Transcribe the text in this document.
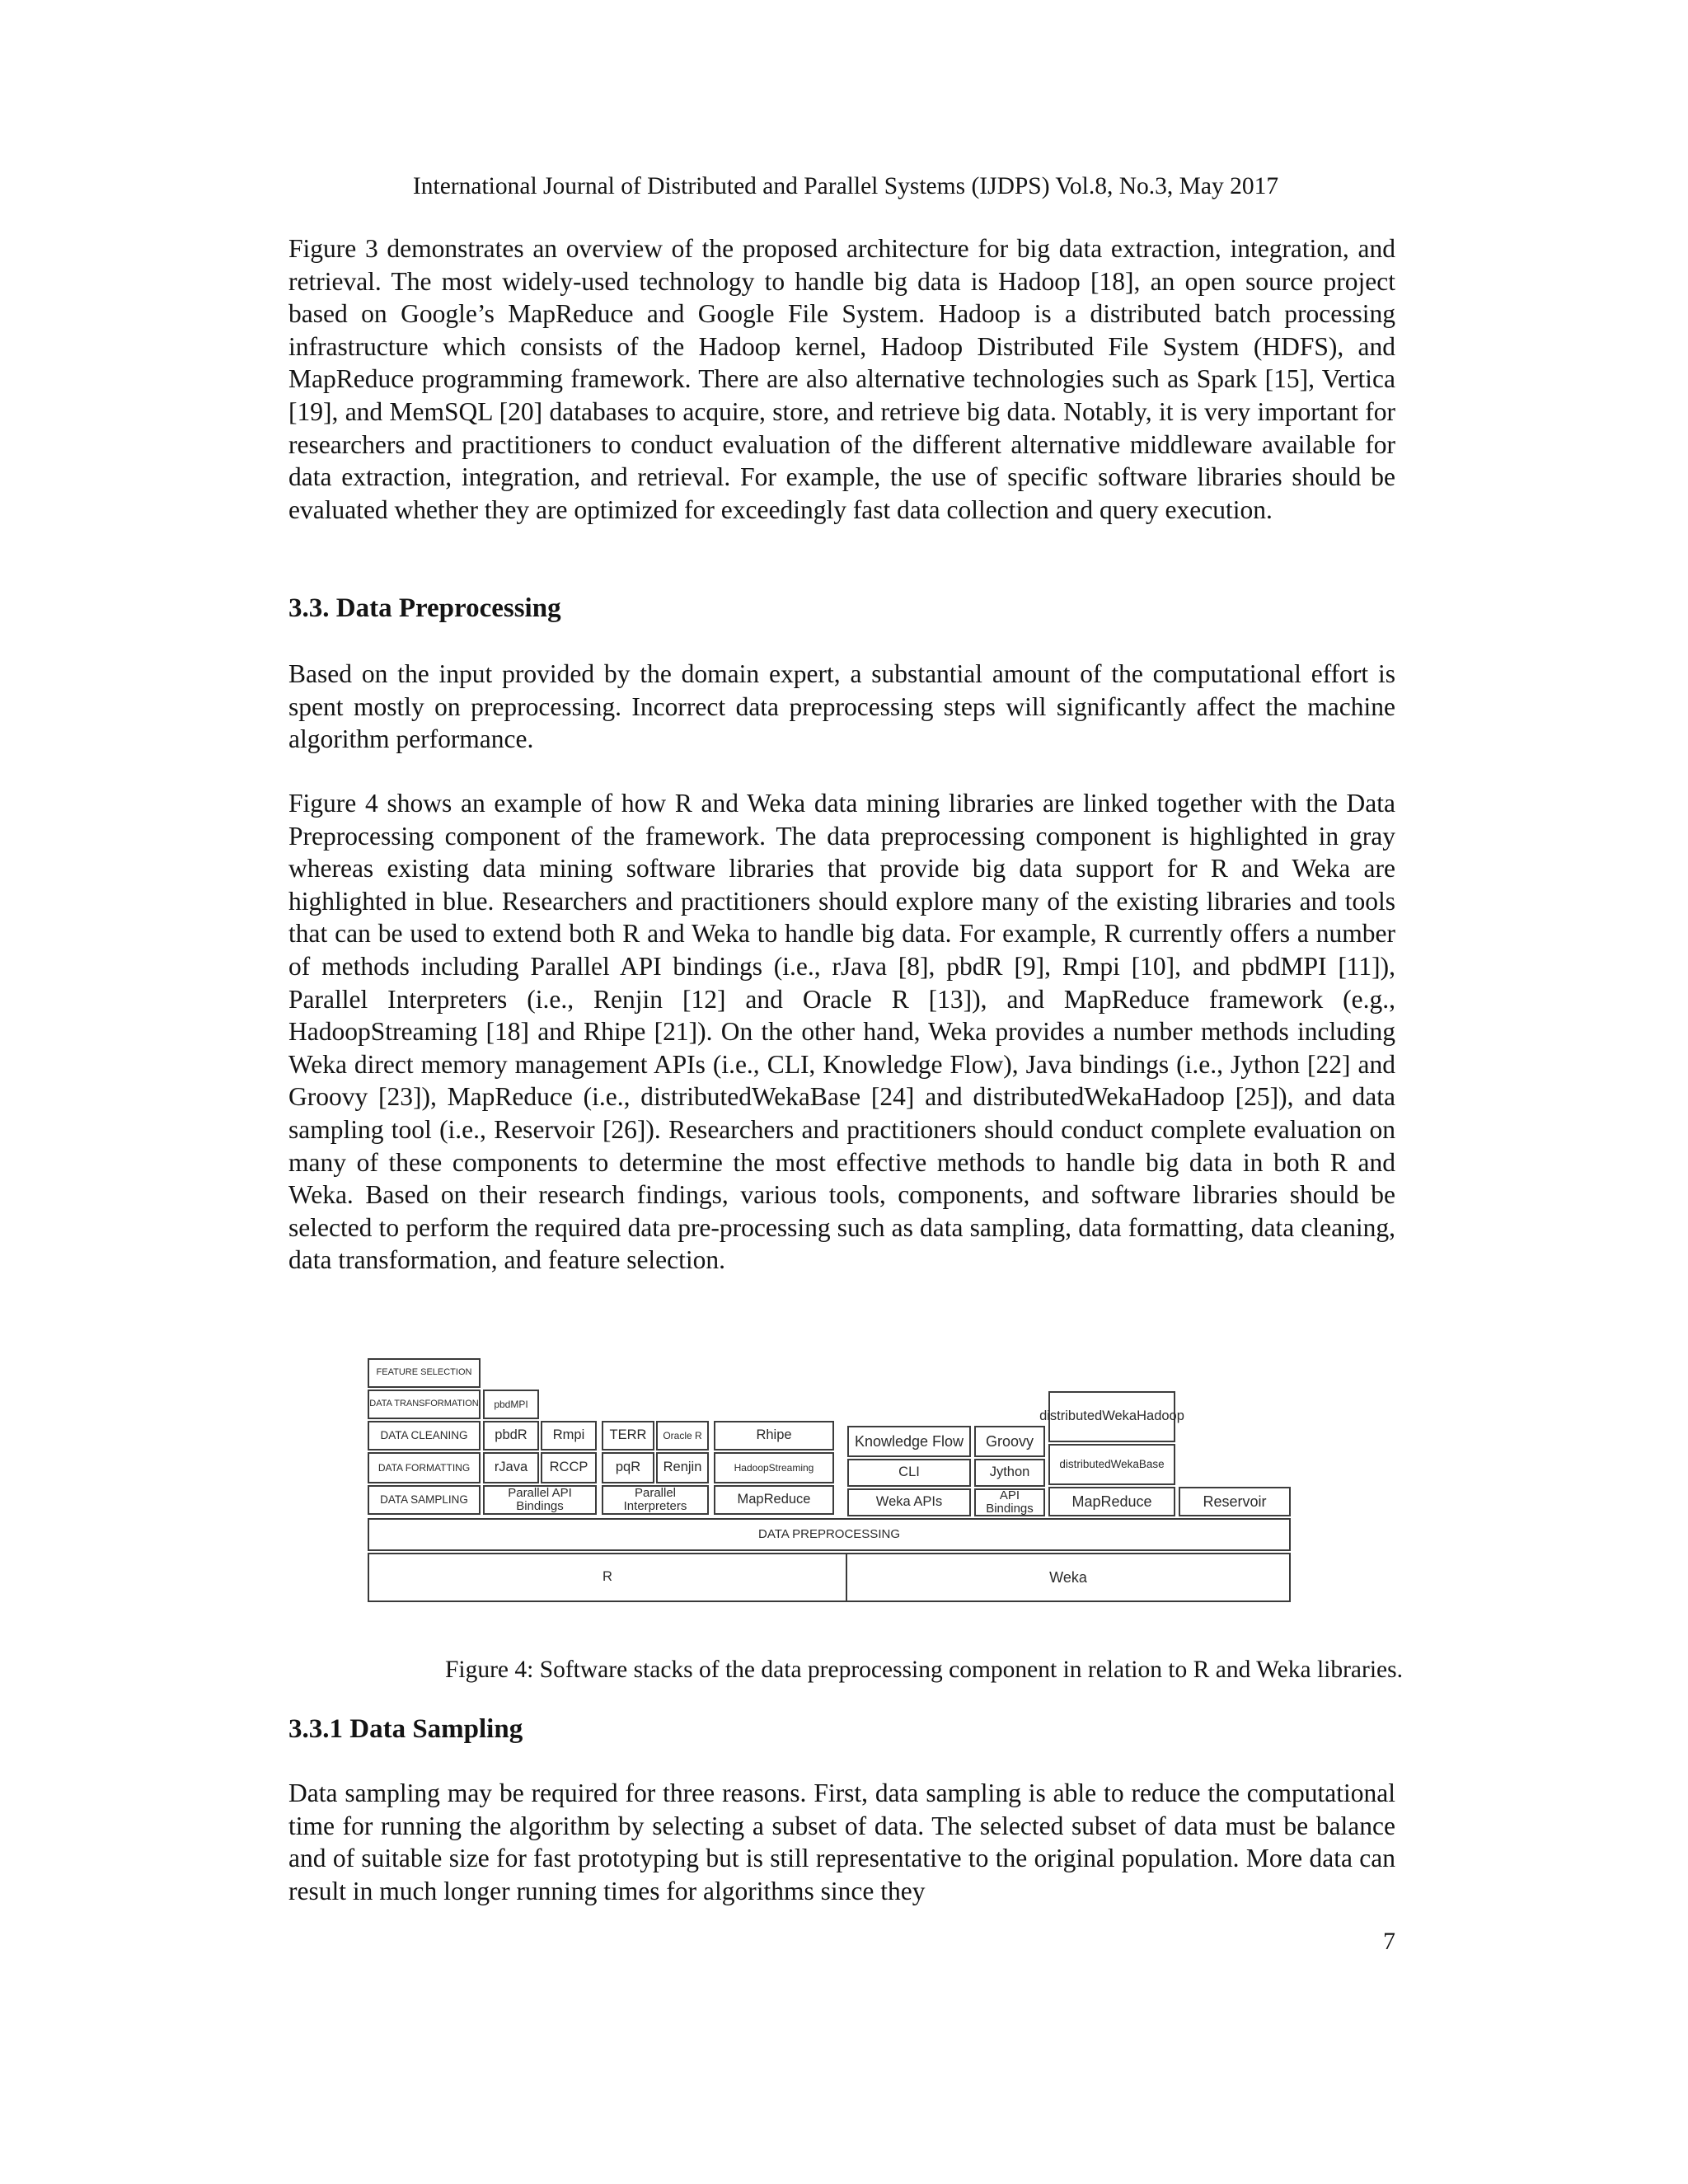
International Journal of Distributed and Parallel Systems (IJDPS) Vol.8, No.3, May 2017

Figure 3 demonstrates an overview of the proposed architecture for big data extraction, integration, and retrieval. The most widely-used technology to handle big data is Hadoop [18], an open source project based on Google’s MapReduce and Google File System. Hadoop is a distributed batch processing infrastructure which consists of the Hadoop kernel, Hadoop Distributed File System (HDFS), and MapReduce programming framework. There are also alternative technologies such as Spark [15], Vertica [19], and MemSQL [20] databases to acquire, store, and retrieve big data. Notably, it is very important for researchers and practitioners to conduct evaluation of the different alternative middleware available for data extraction, integration, and retrieval. For example, the use of specific software libraries should be evaluated whether they are optimized for exceedingly fast data collection and query execution.

3.3. Data Preprocessing

Based on the input provided by the domain expert, a substantial amount of the computational effort is spent mostly on preprocessing. Incorrect data preprocessing steps will significantly affect the machine algorithm performance.

Figure 4 shows an example of how R and Weka data mining libraries are linked together with the Data Preprocessing component of the framework. The data preprocessing component is highlighted in gray whereas existing data mining software libraries that provide big data support for R and Weka are highlighted in blue. Researchers and practitioners should explore many of the existing libraries and tools that can be used to extend both R and Weka to handle big data. For example, R currently offers a number of methods including Parallel API bindings (i.e., rJava [8], pbdR [9], Rmpi [10], and pbdMPI [11]), Parallel Interpreters (i.e., Renjin [12] and Oracle R [13]), and MapReduce framework (e.g., HadoopStreaming [18] and Rhipe [21]). On the other hand, Weka provides a number methods including Weka direct memory management APIs (i.e., CLI, Knowledge Flow), Java bindings (i.e., Jython [22] and Groovy [23]), MapReduce (i.e., distributedWekaBase [24] and distributedWekaHadoop [25]), and data sampling tool (i.e., Reservoir [26]). Researchers and practitioners should conduct complete evaluation on many of these components to determine the most effective methods to handle big data in both R and Weka. Based on their research findings, various tools, components, and software libraries should be selected to perform the required data pre-processing such as data sampling, data formatting, data cleaning, data transformation, and feature selection.

FEATURE SELECTION
DATA TRANSFORMATION
DATA CLEANING
DATA FORMATTING
DATA SAMPLING
pbdMPI
pbdR	Rmpi
rJava	RCCP
Parallel API Bindings
TERR	Oracle R
pqR	Renjin
Parallel Interpreters
Rhipe
HadoopStreaming
MapReduce
Knowledge Flow
CLI
Weka APIs
Groovy
Jython
API Bindings
distributedWekaHadoop
distributedWekaBase
MapReduce	Reservoir
DATA PREPROCESSING
R	Weka
Figure 4: Software stacks of the data preprocessing component in relation to R and Weka libraries.
3.3.1 Data Sampling

Data sampling may be required for three reasons. First, data sampling is able to reduce the computational time for running the algorithm by selecting a subset of data. The selected subset of data must be balance and of suitable size for fast prototyping but is still representative to the original population. More data can result in much longer running times for algorithms since they

7
